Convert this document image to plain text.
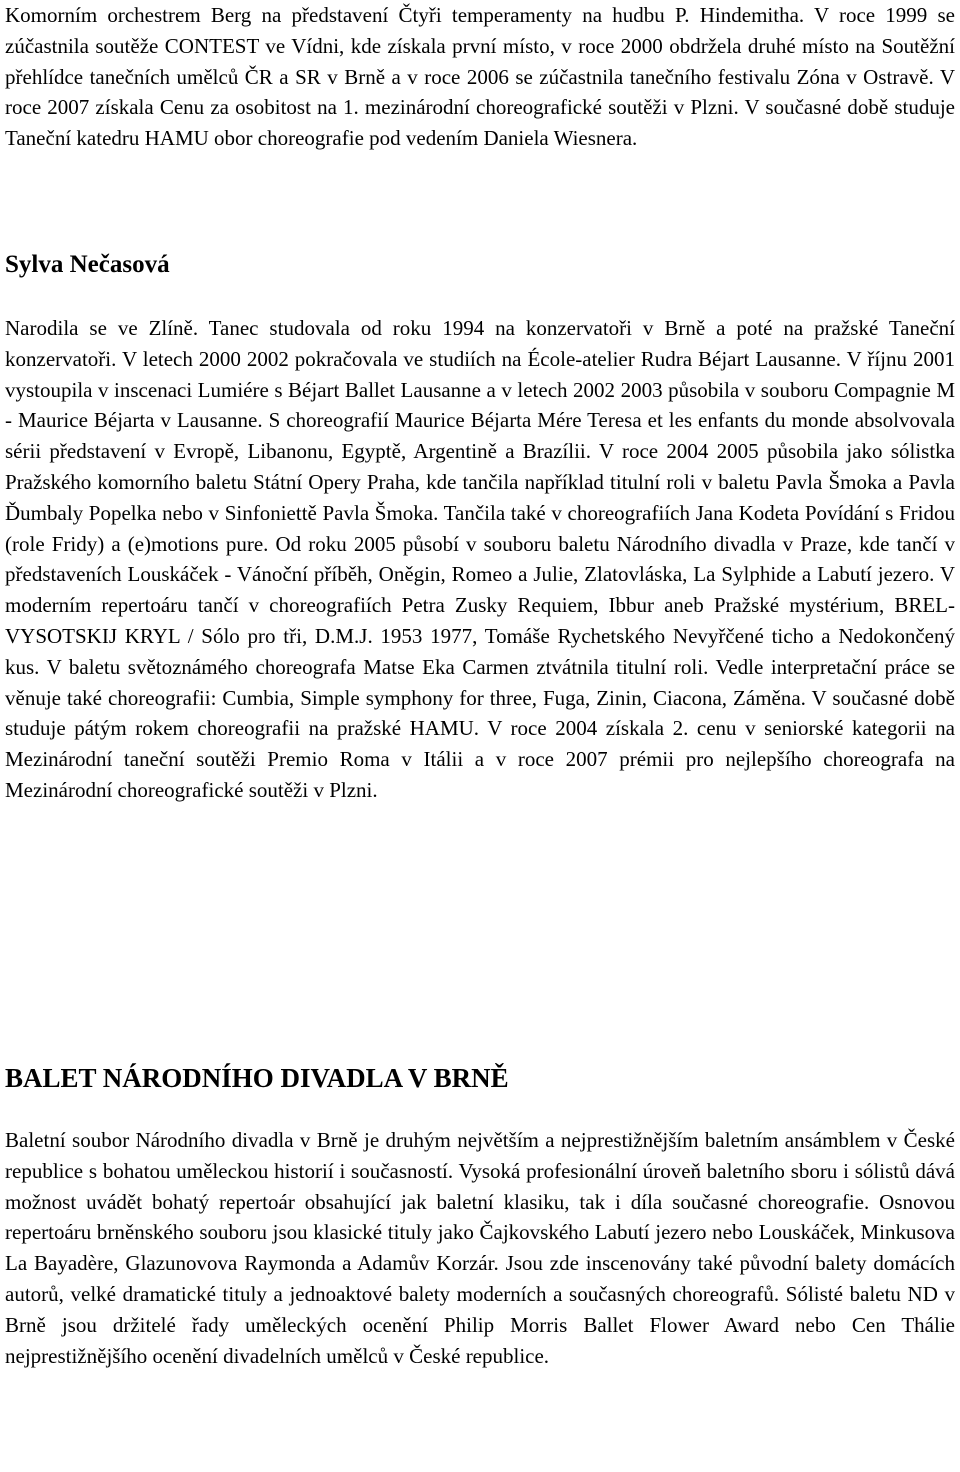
Komorním orchestrem Berg na představení Čtyři temperamenty na hudbu P. Hindemitha. V roce 1999 se zúčastnila soutěže CONTEST ve Vídni, kde získala první místo, v roce 2000 obdržela druhé místo na Soutěžní přehlídce tanečních umělců ČR a SR v Brně a v roce 2006 se zúčastnila tanečního festivalu Zóna v Ostravě. V roce 2007 získala Cenu za osobitost na 1. mezinárodní choreografické soutěži v Plzni. V současné době studuje Taneční katedru HAMU obor choreografie pod vedením Daniela Wiesnera.

Sylva Nečasová

Narodila se ve Zlíně. Tanec studovala od roku 1994 na konzervatoři v Brně a poté na pražské Taneční konzervatoři. V letech 2000 2002 pokračovala ve studiích na École-atelier Rudra Béjart Lausanne. V říjnu 2001 vystoupila v inscenaci Lumiére s Béjart Ballet Lausanne a v letech 2002 2003 působila v souboru Compagnie M - Maurice Béjarta v Lausanne. S choreografií Maurice Béjarta Mére Teresa et les enfants du monde absolvovala sérii představení v Evropě, Libanonu, Egyptě, Argentině a Brazílii. V roce 2004 2005 působila jako sólistka Pražského komorního baletu Státní Opery Praha, kde tančila například titulní roli v baletu Pavla Šmoka a Pavla Ďumbaly Popelka nebo v Sinfoniettě Pavla Šmoka. Tančila také v choreografiích Jana Kodeta Povídání s Fridou (role Fridy) a (e)motions pure. Od roku 2005 působí v souboru baletu Národního divadla v Praze, kde tančí v představeních Louskáček - Vánoční příběh, Oněgin, Romeo a Julie, Zlatovláska, La Sylphide a Labutí jezero. V moderním repertoáru tančí v choreografiích Petra Zusky Requiem, Ibbur aneb Pražské mystérium, BREL-VYSOTSKIJ KRYL / Sólo pro tři, D.M.J. 1953 1977, Tomáše Rychetského Nevyřčené ticho a Nedokončený kus. V baletu světoznámého choreografa Matse Eka Carmen ztvátnila titulní roli. Vedle interpretační práce se věnuje také choreografii: Cumbia, Simple symphony for three, Fuga, Zinin, Ciacona, Záměna. V současné době studuje pátým rokem choreografii na pražské HAMU. V roce 2004 získala 2. cenu v seniorské kategorii na Mezinárodní taneční soutěži Premio Roma v Itálii a v roce 2007 prémii pro nejlepšího choreografa na Mezinárodní choreografické soutěži v Plzni.

BALET NÁRODNÍHO DIVADLA V BRNĚ

Baletní soubor Národního divadla v Brně je druhým největším a nejprestižnějším baletním ansámblem v České republice s bohatou uměleckou historií i současností. Vysoká profesionální úroveň baletního sboru i sólistů dává možnost uvádět bohatý repertoár obsahující jak baletní klasiku, tak i díla současné choreografie. Osnovou repertoáru brněnského souboru jsou klasické tituly jako Čajkovského Labutí jezero nebo Louskáček, Minkusova La Bayadère, Glazunovova Raymonda a Adamův Korzár. Jsou zde inscenovány také původní balety domácích autorů, velké dramatické tituly a jednoaktové balety moderních a současných choreografů. Sólisté baletu ND v Brně jsou držitelé řady uměleckých ocenění Philip Morris Ballet Flower Award nebo Cen Thálie nejprestižnějšího ocenění divadelních umělců v České republice.
